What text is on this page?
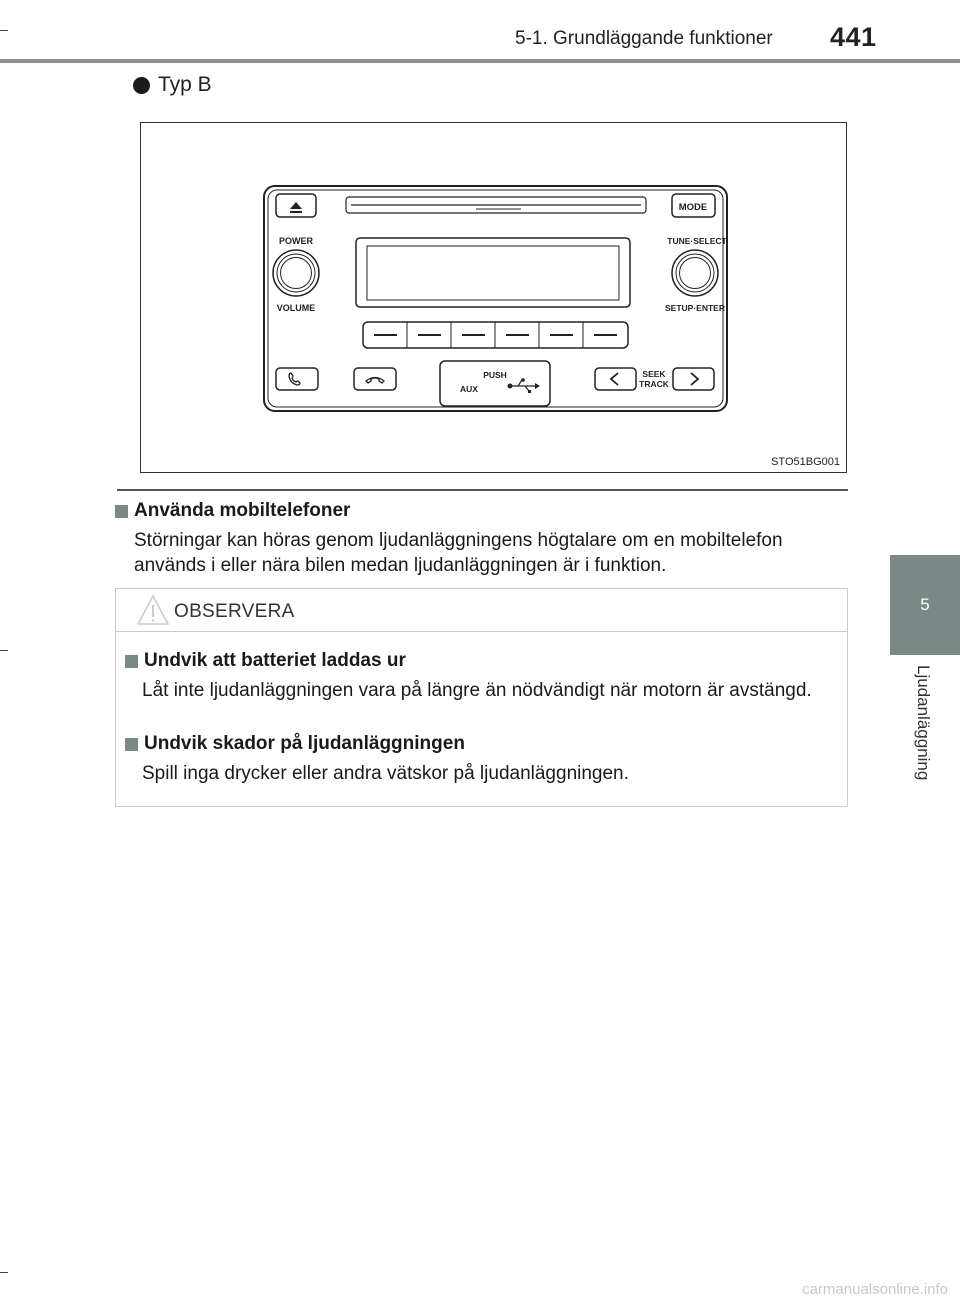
5-1. Grundläggande funktioner 441
5
Ljudanläggning
Typ B
MODE
POWER
VOLUME
TUNE·SELECT
SETUP·ENTER
PUSH
AUX
SEEK
TRACK
STO51BG001
Använda mobiltelefoner
Störningar kan höras genom ljudanläggningens högtalare om en mobiltelefon används i eller nära bilen medan ljudanläggningen är i funktion.
OBSERVERA
Undvik att batteriet laddas ur
Låt inte ljudanläggningen vara på längre än nödvändigt när motorn är avstängd.
Undvik skador på ljudanläggningen
Spill inga drycker eller andra vätskor på ljudanläggningen.
carmanualsonline.info
